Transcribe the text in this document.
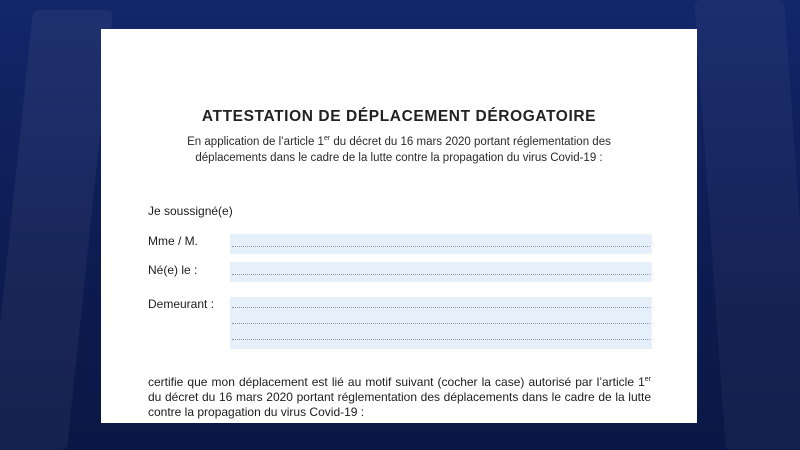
ATTESTATION DE DÉPLACEMENT DÉROGATOIRE
En application de l’article 1er du décret du 16 mars 2020 portant réglementation des déplacements dans le cadre de la lutte contre la propagation du virus Covid-19 :
Je soussigné(e)
Mme / M.
Né(e) le :
Demeurant :
certifie que mon déplacement est lié au motif suivant (cocher la case) autorisé par l’article 1er du décret du 16 mars 2020 portant réglementation des déplacements dans le cadre de la lutte contre la propagation du virus Covid-19 :
